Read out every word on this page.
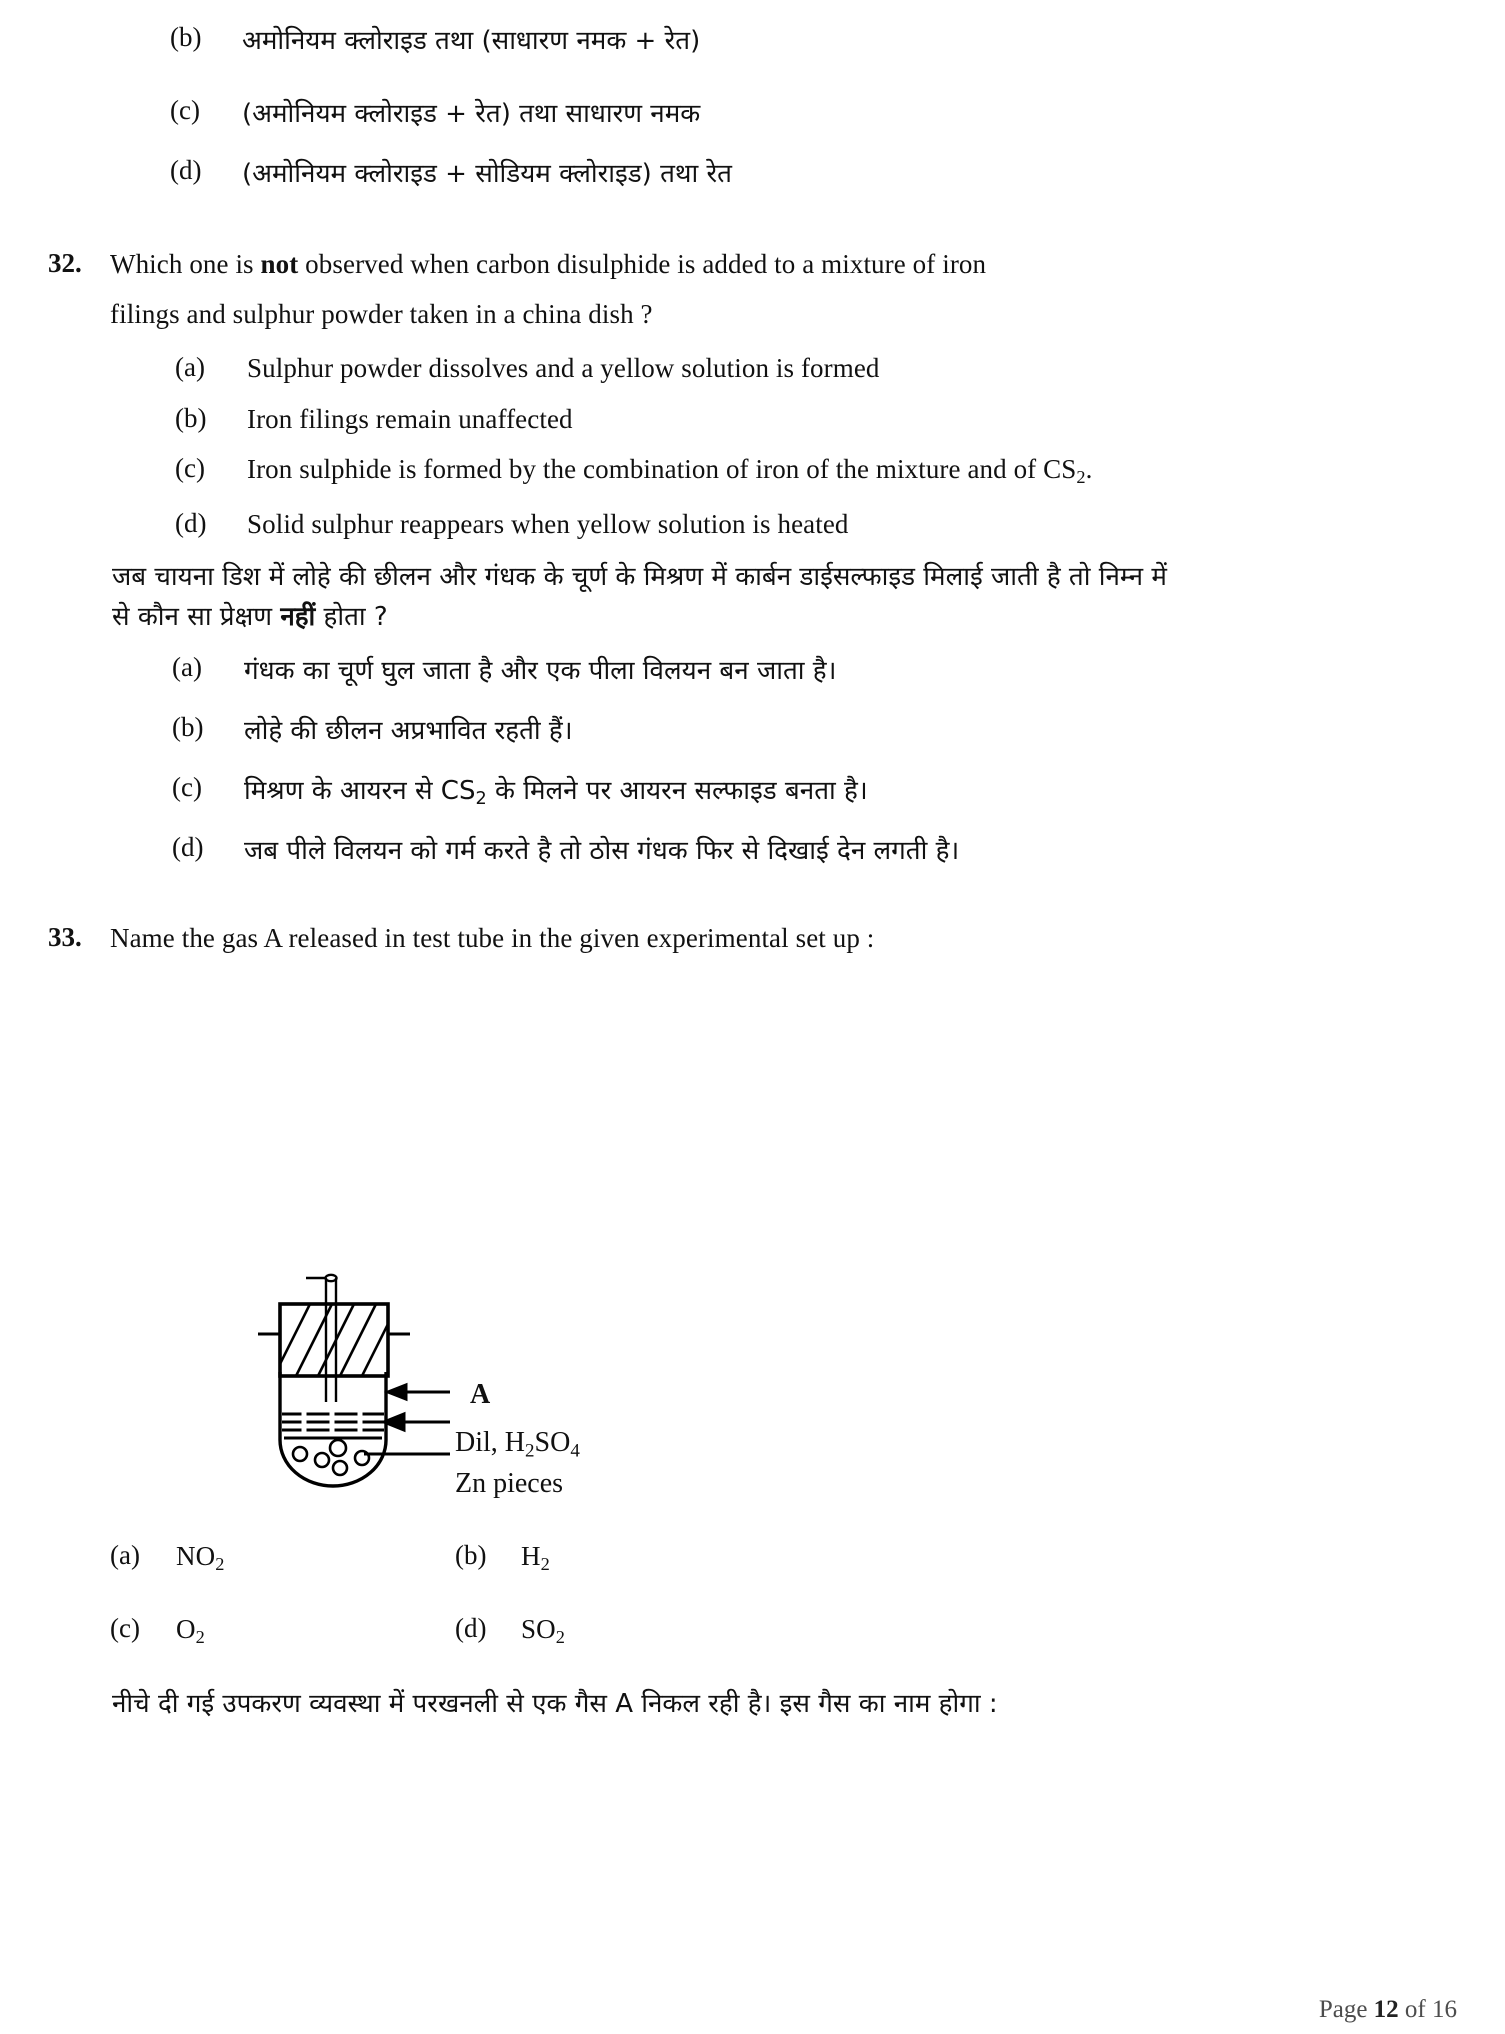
(b)	अमोनियम क्लोराइड तथा (साधारण नमक + रेत)
(c)	(अमोनियम क्लोराइड + रेत) तथा साधारण नमक
(d)	(अमोनियम क्लोराइड + सोडियम क्लोराइड) तथा रेत
32.	Which one is not observed when carbon disulphide is added to a mixture of iron
filings and sulphur powder taken in a china dish ?
(a)	Sulphur powder dissolves and a yellow solution is formed
(b)	Iron filings remain unaffected
(c)	Iron sulphide is formed by the combination of iron of the mixture and of $CS_2$.
(d)	Solid sulphur reappears when yellow solution is heated
जब चायना डिश में लोहे की छीलन और गंधक के चूर्ण के मिश्रण में कार्बन डाईसल्फाइड मिलाई जाती है तो निम्न में
से कौन सा प्रेक्षण नहीं होता ?
(a)	गंधक का चूर्ण घुल जाता है और एक पीला विलयन बन जाता है।
(b)	लोहे की छीलन अप्रभावित रहती हैं।
(c)	मिश्रण के आयरन से $CS_2$ के मिलने पर आयरन सल्फाइड बनता है।
(d)	जब पीले विलयन को गर्म करते है तो ठोस गंधक फिर से दिखाई देन लगती है।
33.	Name the gas A released in test tube in the given experimental set up :
A
Dil, $H_2SO_4$
Zn pieces
(a)	$NO_2$	(b)	$H_2$
(c)	$O_2$	(d)	$SO_2$
नीचे दी गई उपकरण व्यवस्था में परखनली से एक गैस A निकल रही है। इस गैस का नाम होगा :
Page 12 of 16
